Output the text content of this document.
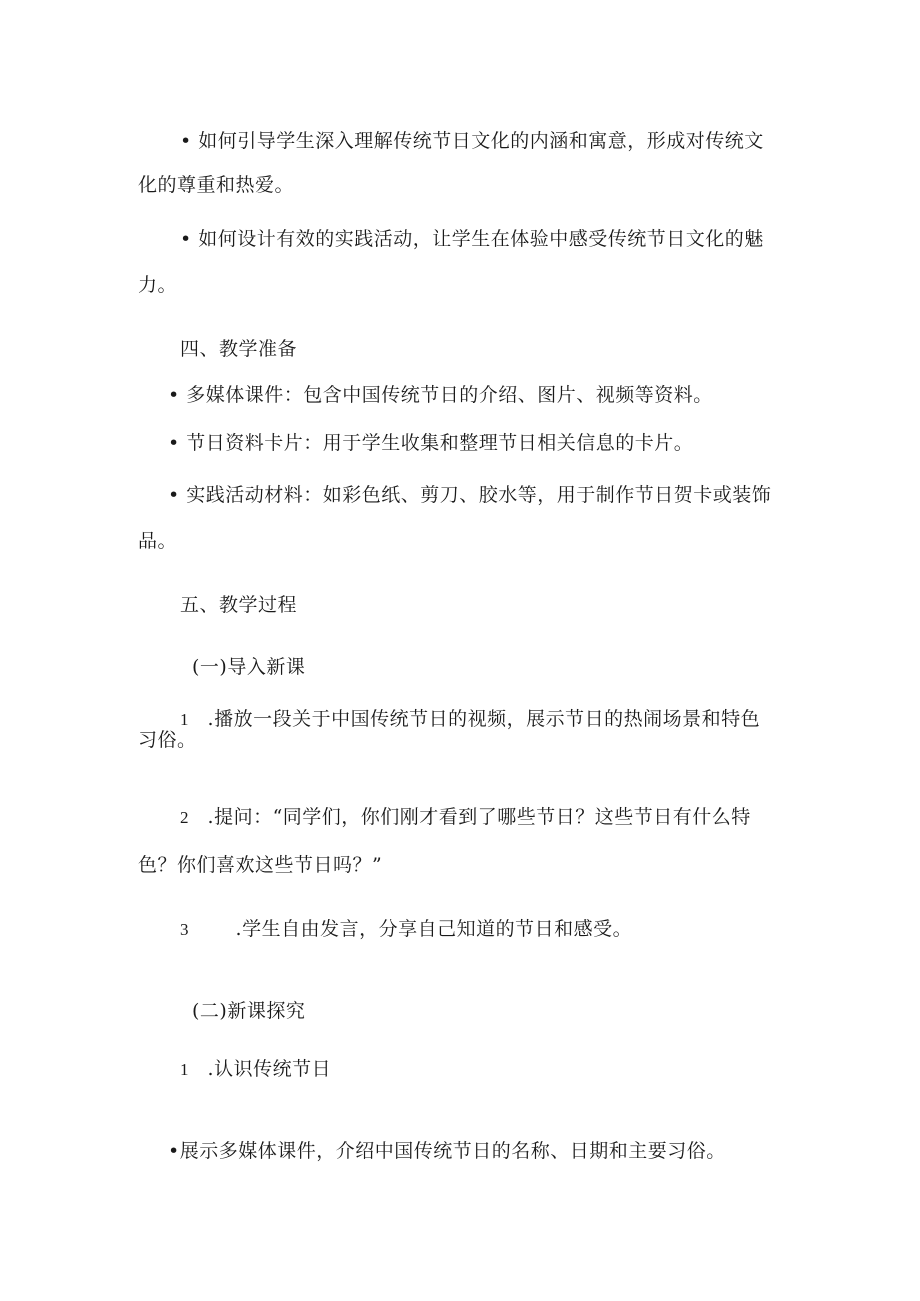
• 如何引导学生深入理解传统节日文化的内涵和寓意，形成对传统文
化的尊重和热爱。
• 如何设计有效的实践活动，让学生在体验中感受传统节日文化的魅
力。
四、教学准备
• 多媒体课件：包含中国传统节日的介绍、图片、视频等资料。
• 节日资料卡片：用于学生收集和整理节日相关信息的卡片。
• 实践活动材料：如彩色纸、剪刀、胶水等，用于制作节日贺卡或装饰
品。
五、教学过程
(一)导入新课
1 .播放一段关于中国传统节日的视频，展示节日的热闹场景和特色
习俗。
2 .提问：“同学们，你们刚才看到了哪些节日？这些节日有什么特
色？你们喜欢这些节日吗？”
3 .学生自由发言，分享自己知道的节日和感受。
(二)新课探究
1 .认识传统节日
•展示多媒体课件，介绍中国传统节日的名称、日期和主要习俗。
